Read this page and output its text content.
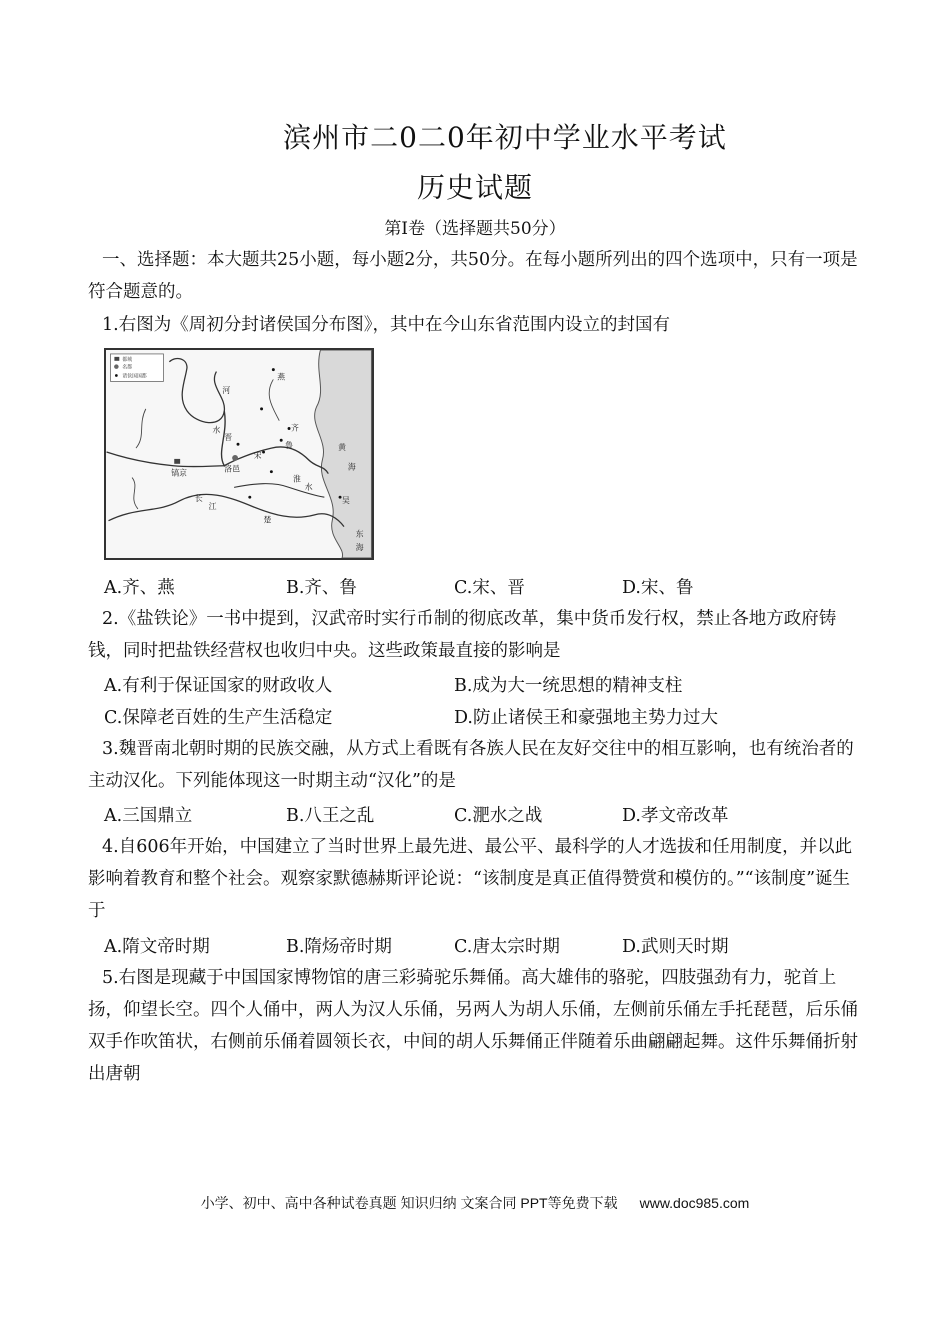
滨州市二0二0年初中学业水平考试
历史试题
第Ⅰ卷（选择题共50分）
一、选择题：本大题共25小题，每小题2分，共50分。在每小题所列出的四个选项中，只有一项是符合题意的。
1.右图为《周初分封诸侯国分布图》，其中在今山东省范围内设立的封国有
都城
名都
诸侯国国都	燕
河
水
晋
齐
鲁
宋
镐京	洛邑
黄
海
长
江
吴
东
海
淮
水
楚
A.齐、燕	B.齐、鲁	C.宋、晋	D.宋、鲁
2.《盐铁论》一书中提到，汉武帝时实行币制的彻底改革，集中货币发行权，禁止各地方政府铸钱，同时把盐铁经营权也收归中央。这些政策最直接的影响是
A.有利于保证国家的财政收人	B.成为大一统思想的精神支柱
C.保障老百姓的生产生活稳定	D.防止诸侯王和豪强地主势力过大
3.魏晋南北朝时期的民族交融，从方式上看既有各族人民在友好交往中的相互影响，也有统治者的主动汉化。下列能体现这一时期主动“汉化”的是
A.三国鼎立	B.八王之乱	C.淝水之战	D.孝文帝改革
4.自606年开始，中国建立了当时世界上最先进、最公平、最科学的人才选拔和任用制度，并以此影响着教育和整个社会。观察家默德赫斯评论说：“该制度是真正值得赞赏和模仿的。”“该制度”诞生于
A.隋文帝时期	B.隋炀帝时期	C.唐太宗时期	D.武则天时期
5.右图是现藏于中国国家博物馆的唐三彩骑驼乐舞俑。高大雄伟的骆驼，四肢强劲有力，驼首上扬，仰望长空。四个人俑中，两人为汉人乐俑，另两人为胡人乐俑，左侧前乐俑左手托琵琶，后乐俑双手作吹笛状，右侧前乐俑着圆领长衣，中间的胡人乐舞俑正伴随着乐曲翩翩起舞。这件乐舞俑折射出唐朝
小学、初中、高中各种试卷真题 知识归纳 文案合同 PPT等免费下载 www.doc985.com
